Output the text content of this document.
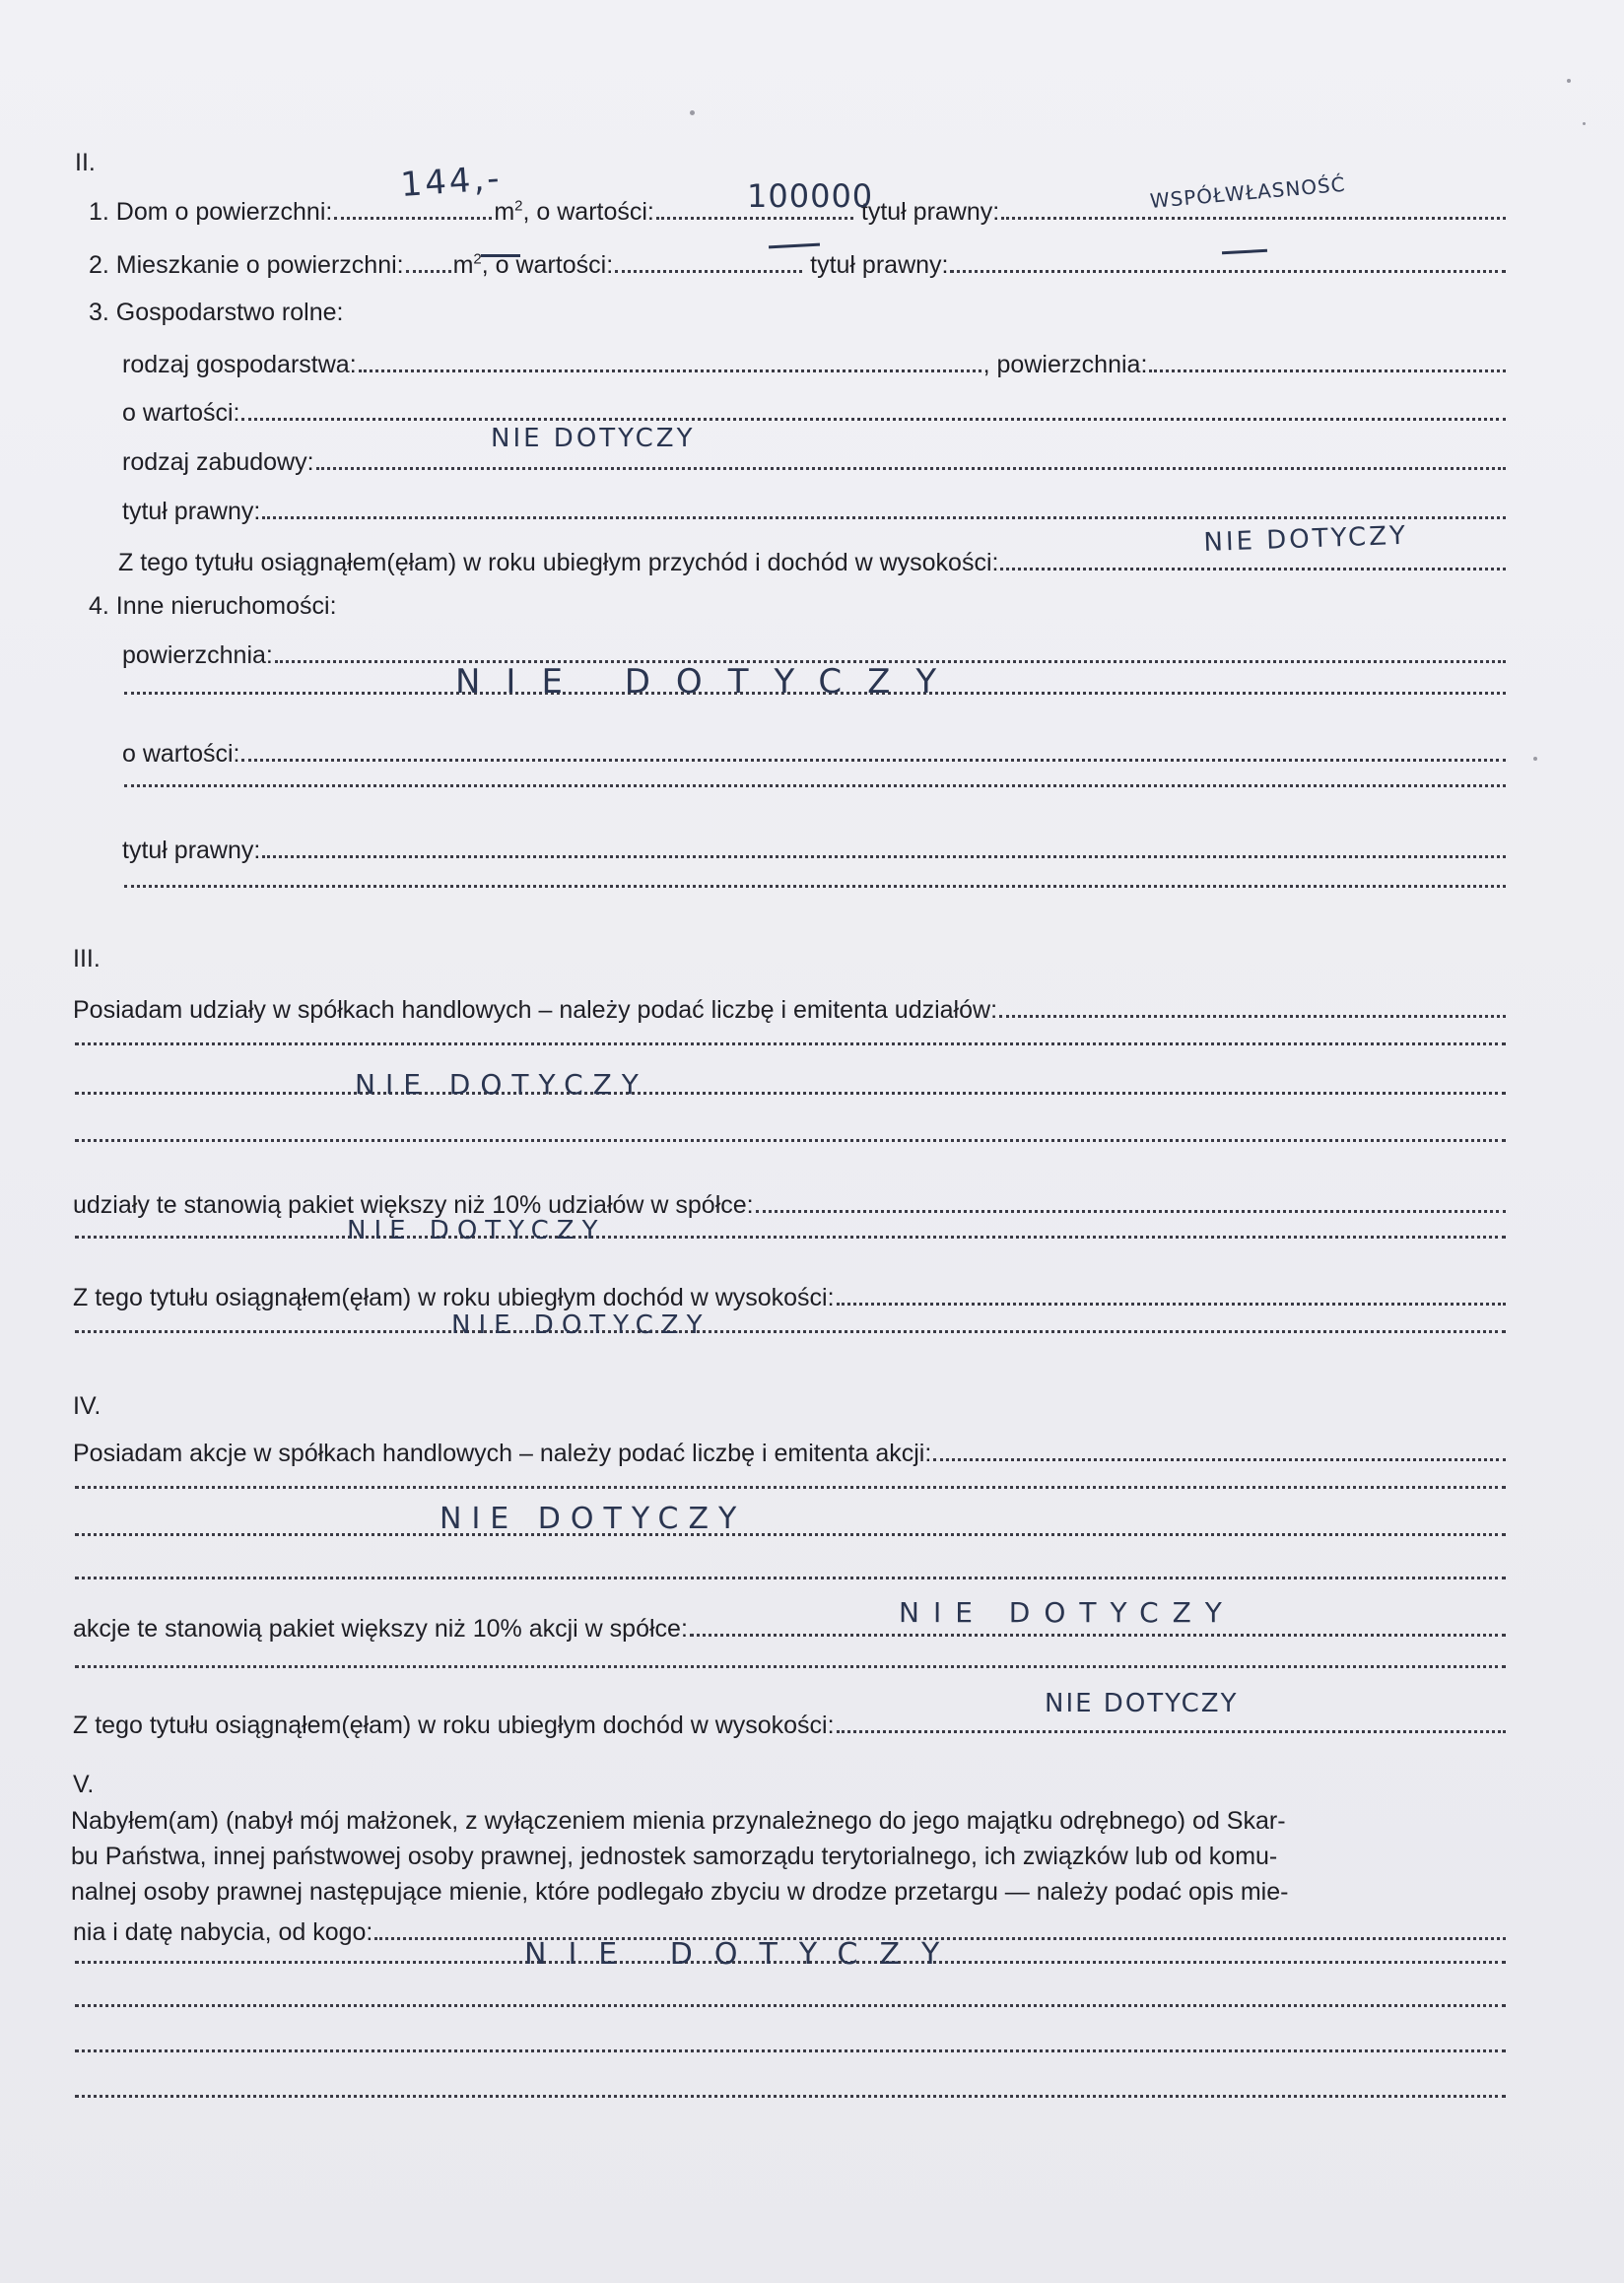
II.
1. Dom o powierzchni:	$m^2$ , o wartości:	tytuł prawny:
144,-	100000	WSPÓŁWŁASNOŚĆ
2. Mieszkanie o powierzchni: $m^2$ , o wartości:	tytuł prawny:
3. Gospodarstwo rolne:
rodzaj gospodarstwa:	, powierzchnia:
o wartości:
rodzaj zabudowy:
NIE DOTYCZY
tytuł prawny:
Z tego tytułu osiągnąłem(ęłam) w roku ubiegłym przychód i dochód w wysokości:
NIE DOTYCZY
4. Inne nieruchomości:
powierzchnia:
NIE DOTYCZY
o wartości:
tytuł prawny:
III.
Posiadam udziały w spółkach handlowych – należy podać liczbę i emitenta udziałów:
NIE DOTYCZY
udziały te stanowią pakiet większy niż 10% udziałów w spółce:
NIE DOTYCZY
Z tego tytułu osiągnąłem(ęłam) w roku ubiegłym dochód w wysokości:
NIE DOTYCZY
IV.
Posiadam akcje w spółkach handlowych – należy podać liczbę i emitenta akcji:
NIE DOTYCZY
akcje te stanowią pakiet większy niż 10% akcji w spółce:	NIE DOTYCZY
Z tego tytułu osiągnąłem(ęłam) w roku ubiegłym dochód w wysokości:
NIE DOTYCZY
V.
Nabyłem(am) (nabył mój małżonek, z wyłączeniem mienia przynależnego do jego majątku odrębnego) od Skar-
bu Państwa, innej państwowej osoby prawnej, jednostek samorządu terytorialnego, ich związków lub od komu-
nalnej osoby prawnej następujące mienie, które podlegało zbyciu w drodze przetargu — należy podać opis mie-
nia i datę nabycia, od kogo:
NIE DOTYCZY
